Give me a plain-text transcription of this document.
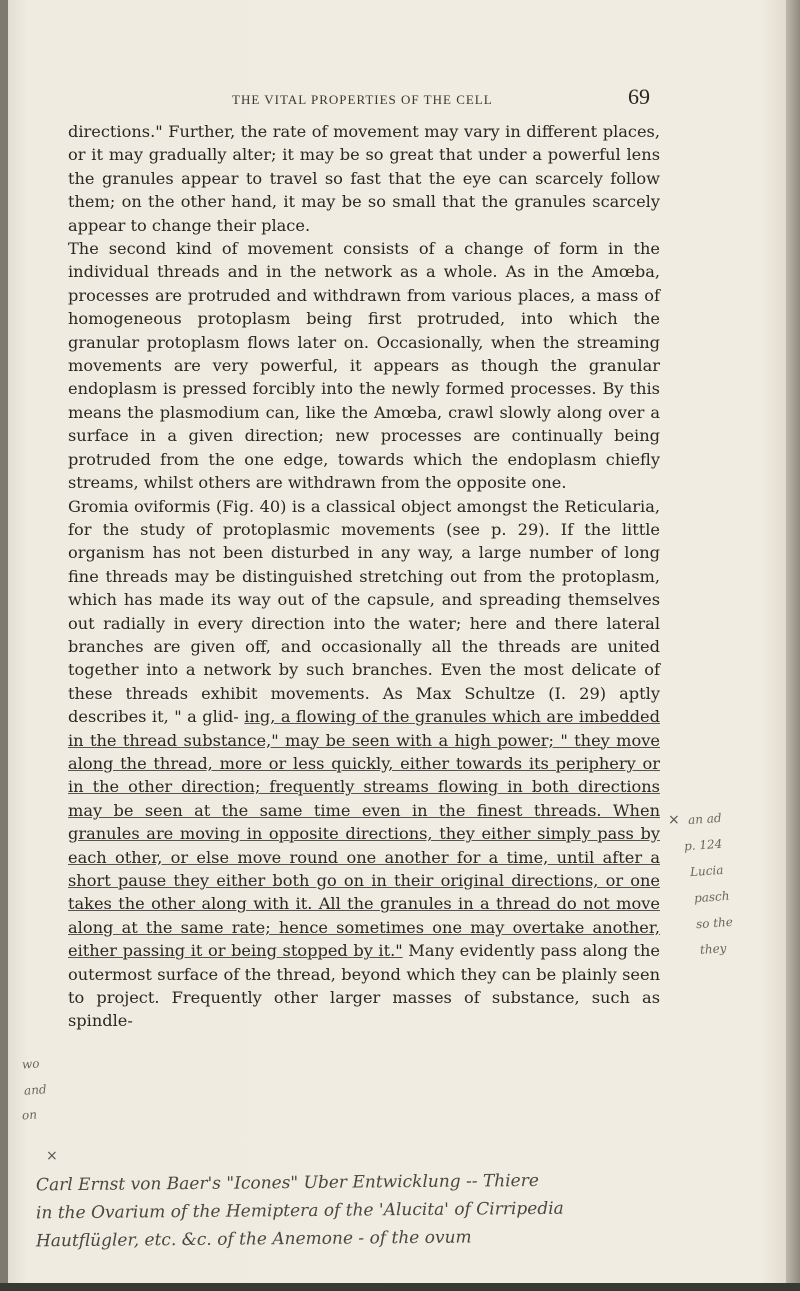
THE VITAL PROPERTIES OF THE CELL	69

directions." Further, the rate of movement may vary in different places, or it may gradually alter; it may be so great that under a powerful lens the granules appear to travel so fast that the eye can scarcely follow them; on the other hand, it may be so small that the granules scarcely appear to change their place.

The second kind of movement consists of a change of form in the individual threads and in the network as a whole. As in the Amœba, processes are protruded and withdrawn from various places, a mass of homogeneous protoplasm being first protruded, into which the granular protoplasm flows later on. Occasionally, when the streaming movements are very powerful, it appears as though the granular endoplasm is pressed forcibly into the newly formed processes. By this means the plasmodium can, like the Amœba, crawl slowly along over a surface in a given direction; new processes are continually being protruded from the one edge, towards which the endoplasm chiefly streams, whilst others are withdrawn from the opposite one.

Gromia oviformis (Fig. 40) is a classical object amongst the Reticularia, for the study of protoplasmic movements (see p. 29). If the little organism has not been disturbed in any way, a large number of long fine threads may be distinguished stretching out from the protoplasm, which has made its way out of the capsule, and spreading themselves out radially in every direction into the water; here and there lateral branches are given off, and occasionally all the threads are united together into a network by such branches. Even the most delicate of these threads exhibit movements. As Max Schultze (I. 29) aptly describes it, " a glid- ing, a flowing of the granules which are imbedded in the thread substance," may be seen with a high power; " they move along the thread, more or less quickly, either towards its periphery or in the other direction; frequently streams flowing in both directions may be seen at the same time even in the finest threads. When granules are moving in opposite directions, they either simply pass by each other, or else move round one another for a time, until after a short pause they either both go on in their original directions, or one takes the other along with it. All the granules in a thread do not move along at the same rate; hence sometimes one may overtake another, either passing it or being stopped by it." Many evidently pass along the outermost surface of the thread, beyond which they can be plainly seen to project. Frequently other larger masses of substance, such as spindle-

×
×
an ad
p. 124
Lucia
pasch
so the
they
wo
and
on
Carl Ernst von Baer's "Icones" Uber Entwicklung -- Thiere
in the Ovarium of the Hemiptera of the 'Alucita' of Cirripedia
Hautflügler, etc. &c. of the Anemone - of the ovum
